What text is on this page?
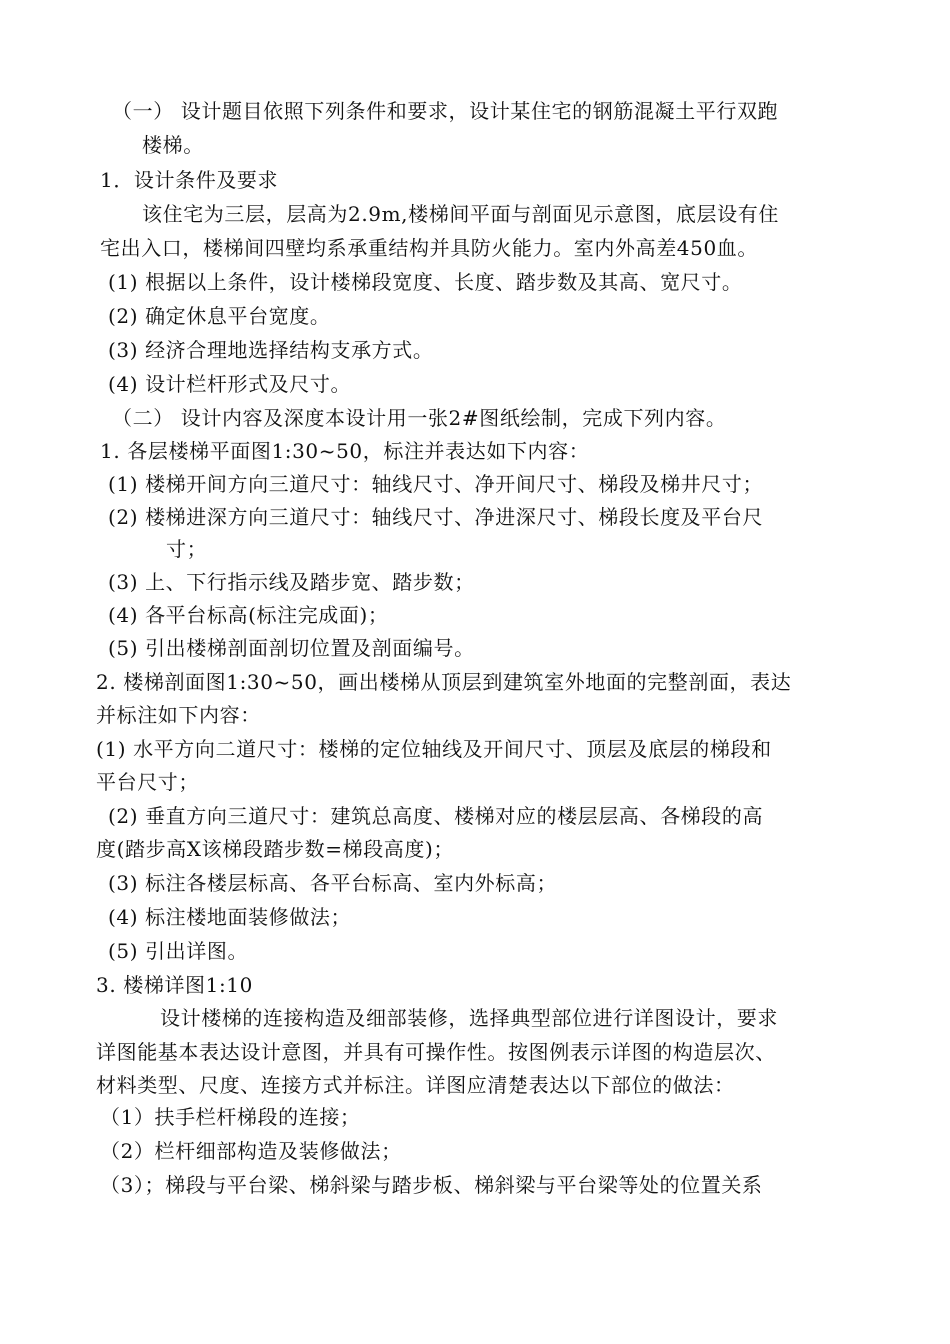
（一） 设计题目依照下列条件和要求，设计某住宅的钢筋混凝土平行双跑
楼梯。
1．设计条件及要求
该住宅为三层，层高为2.9m,楼梯间平面与剖面见示意图，底层设有住
宅出入口，楼梯间四壁均系承重结构并具防火能力。室内外高差450血。
(1) 根据以上条件，设计楼梯段宽度、长度、踏步数及其高、宽尺寸。
(2) 确定休息平台宽度。
(3) 经济合理地选择结构支承方式。
(4) 设计栏杆形式及尺寸。
（二） 设计内容及深度本设计用一张2#图纸绘制，完成下列内容。
1. 各层楼梯平面图1:30~50，标注并表达如下内容：
(1) 楼梯开间方向三道尺寸：轴线尺寸、净开间尺寸、梯段及梯井尺寸；
(2) 楼梯进深方向三道尺寸：轴线尺寸、净进深尺寸、梯段长度及平台尺
寸；
(3) 上、下行指示线及踏步宽、踏步数；
(4) 各平台标高(标注完成面)；
(5) 引出楼梯剖面剖切位置及剖面编号。
2. 楼梯剖面图1:30~50，画出楼梯从顶层到建筑室外地面的完整剖面，表达
并标注如下内容：
(1) 水平方向二道尺寸：楼梯的定位轴线及开间尺寸、顶层及底层的梯段和
平台尺寸；
(2) 垂直方向三道尺寸：建筑总高度、楼梯对应的楼层层高、各梯段的高
度(踏步高X该梯段踏步数=梯段高度)；
(3) 标注各楼层标高、各平台标高、室内外标高；
(4) 标注楼地面装修做法；
(5) 引出详图。
3. 楼梯详图1:10
设计楼梯的连接构造及细部装修，选择典型部位进行详图设计，要求
详图能基本表达设计意图，并具有可操作性。按图例表示详图的构造层次、
材料类型、尺度、连接方式并标注。详图应清楚表达以下部位的做法：
（1）扶手栏杆梯段的连接；
（2）栏杆细部构造及装修做法；
（3）；梯段与平台梁、梯斜梁与踏步板、梯斜梁与平台梁等处的位置关系
